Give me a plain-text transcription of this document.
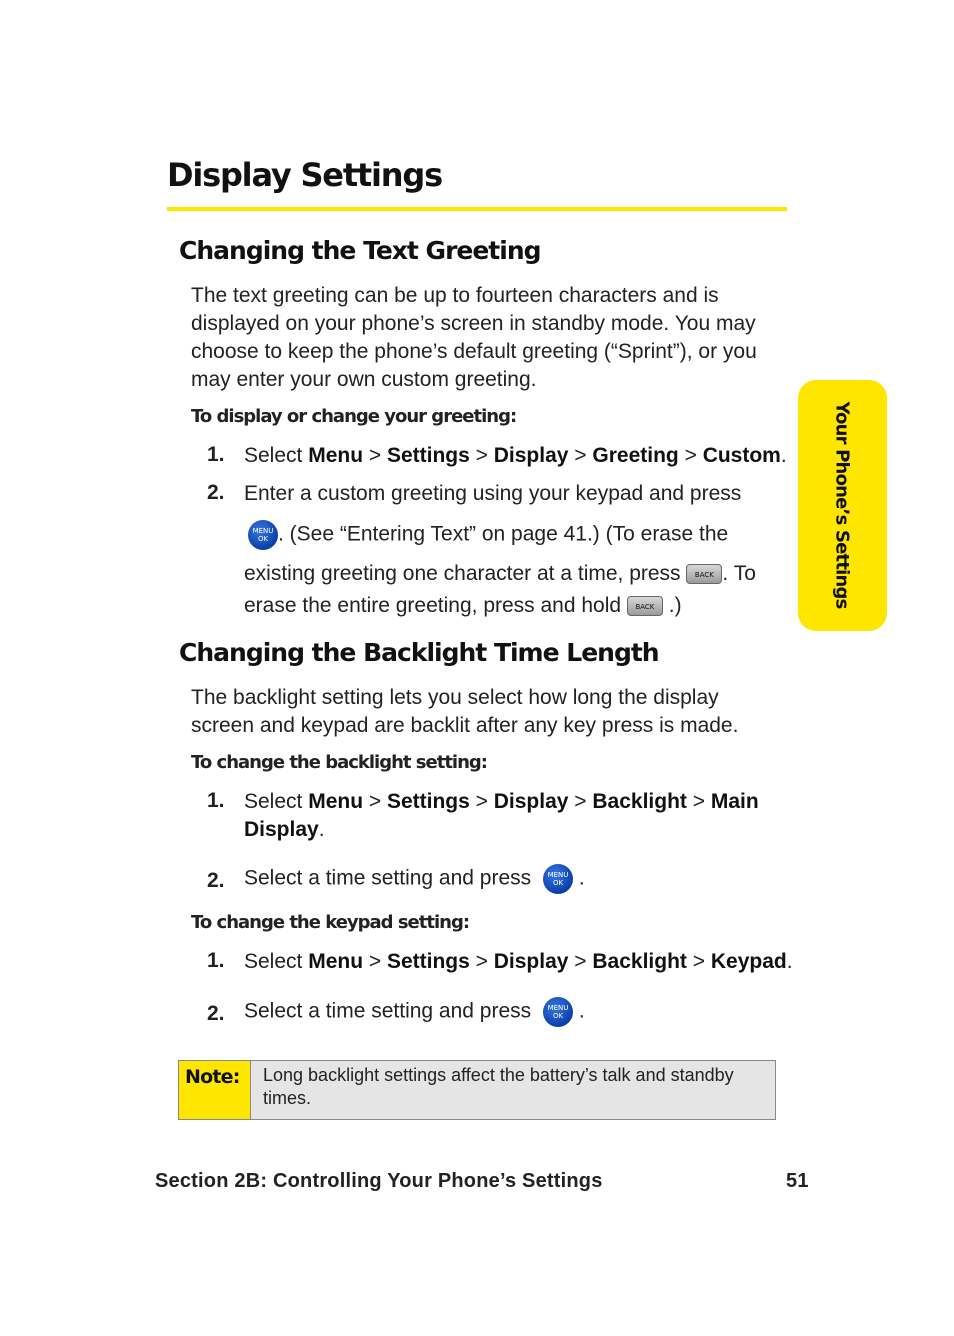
Display Settings
Your Phone’s Settings
Changing the Text Greeting
The text greeting can be up to fourteen characters and is
displayed on your phone’s screen in standby mode. You may
choose to keep the phone’s default greeting (“Sprint”), or you
may enter your own custom greeting.
To display or change your greeting:
1. Select Menu > Settings > Display > Greeting > Custom.
2. Enter a custom greeting using your keypad and press
MENU
OK . (See “Entering Text” on page 41.) (To erase the
existing greeting one character at a time, press BACK . To
erase the entire greeting, press and hold BACK .)
Changing the Backlight Time Length
The backlight setting lets you select how long the display
screen and keypad are backlit after any key press is made.
To change the backlight setting:
1. Select Menu > Settings > Display > Backlight > Main
Display.
2. Select a time setting and press MENU
OK .
To change the keypad setting:
1. Select Menu > Settings > Display > Backlight > Keypad.
2. Select a time setting and press MENU
OK .
Note:	Long backlight settings affect the battery’s talk and standby times.
Section 2B: Controlling Your Phone’s Settings	51
